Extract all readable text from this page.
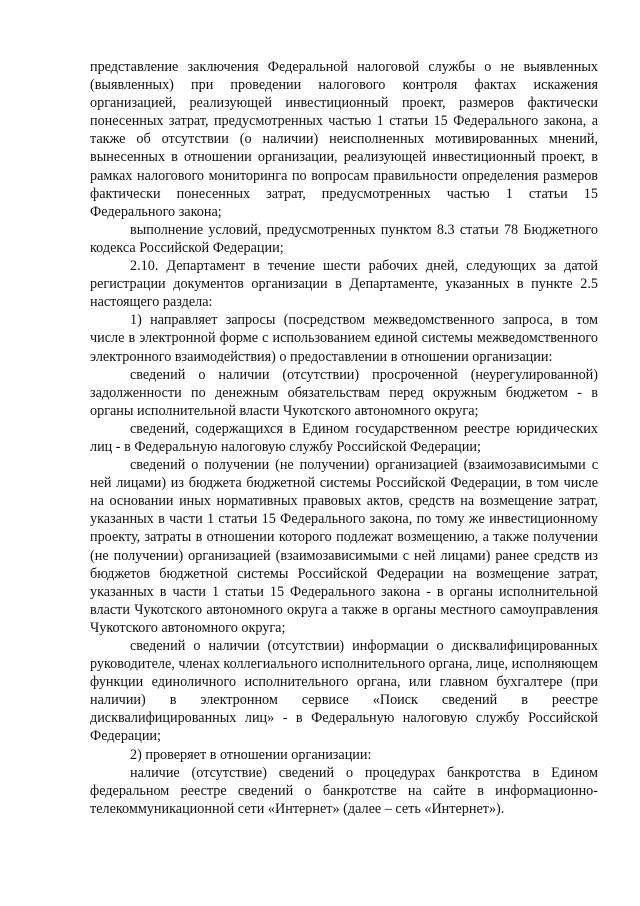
представление заключения Федеральной налоговой службы о не выявленных (выявленных) при проведении налогового контроля фактах искажения организацией, реализующей инвестиционный проект, размеров фактически понесенных затрат, предусмотренных частью 1 статьи 15 Федерального закона, а также об отсутствии (о наличии) неисполненных мотивированных мнений, вынесенных в отношении организации, реализующей инвестиционный проект, в рамках налогового мониторинга по вопросам правильности определения размеров фактически понесенных затрат, предусмотренных частью 1 статьи 15 Федерального закона;

выполнение условий, предусмотренных пунктом 8.3 статьи 78 Бюджетного кодекса Российской Федерации;

2.10. Департамент в течение шести рабочих дней, следующих за датой регистрации документов организации в Департаменте, указанных в пункте 2.5 настоящего раздела:

1) направляет запросы (посредством межведомственного запроса, в том числе в электронной форме с использованием единой системы межведомственного электронного взаимодействия) о предоставлении в отношении организации:

сведений о наличии (отсутствии) просроченной (неурегулированной) задолженности по денежным обязательствам перед окружным бюджетом - в органы исполнительной власти Чукотского автономного округа;

сведений, содержащихся в Едином государственном реестре юридических лиц - в Федеральную налоговую службу Российской Федерации;

сведений о получении (не получении) организацией (взаимозависимыми с ней лицами) из бюджета бюджетной системы Российской Федерации, в том числе на основании иных нормативных правовых актов, средств на возмещение затрат, указанных в части 1 статьи 15 Федерального закона, по тому же инвестиционному проекту, затраты в отношении которого подлежат возмещению, а также получении (не получении) организацией (взаимозависимыми с ней лицами) ранее средств из бюджетов бюджетной системы Российской Федерации на возмещение затрат, указанных в части 1 статьи 15 Федерального закона - в органы исполнительной власти Чукотского автономного округа а также в органы местного самоуправления Чукотского автономного округа;

сведений о наличии (отсутствии) информации о дисквалифицированных руководителе, членах коллегиального исполнительного органа, лице, исполняющем функции единоличного исполнительного органа, или главном бухгалтере (при наличии) в электронном сервисе «Поиск сведений в реестре дисквалифицированных лиц» - в Федеральную налоговую службу Российской Федерации;

2) проверяет в отношении организации:

наличие (отсутствие) сведений о процедурах банкротства в Едином федеральном реестре сведений о банкротстве на сайте в информационно-телекоммуникационной сети «Интернет» (далее – сеть «Интернет»).
